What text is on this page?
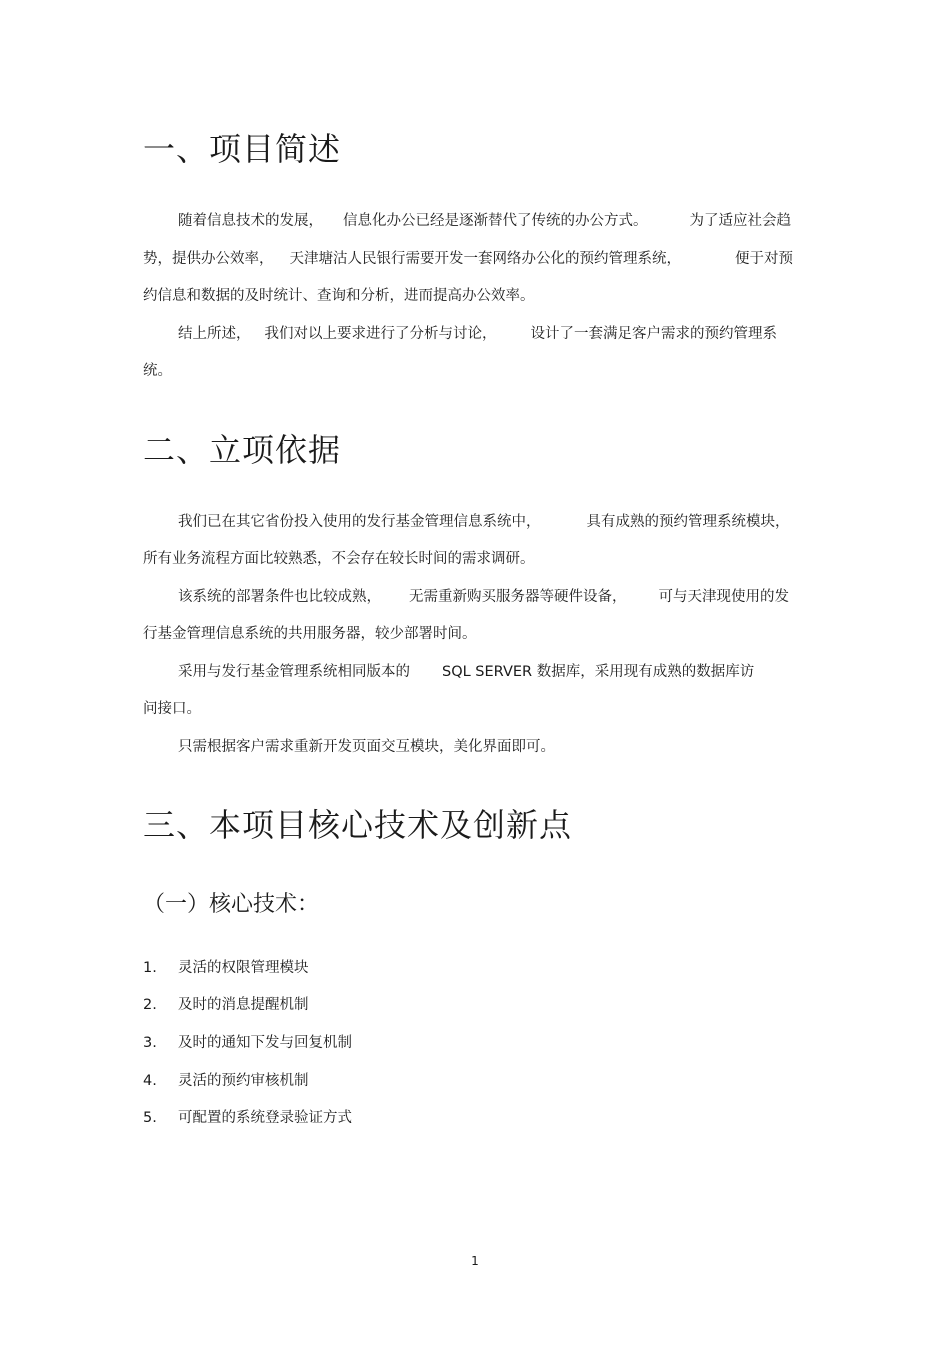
一、项目简述

随着信息技术的发展， 信息化办公已经是逐渐替代了传统的办公方式。	为了适应社会趋

势，提供办公效率， 天津塘沽人民银行需要开发一套网络办公化的预约管理系统，	便于对预

约信息和数据的及时统计、查询和分析，进而提高办公效率。

结上所述， 我们对以上要求进行了分析与讨论， 设计了一套满足客户需求的预约管理系

统。

二、立项依据

我们已在其它省份投入使用的发行基金管理信息系统中，	具有成熟的预约管理系统模块，

所有业务流程方面比较熟悉，不会存在较长时间的需求调研。

该系统的部署条件也比较成熟， 无需重新购买服务器等硬件设备， 可与天津现使用的发

行基金管理信息系统的共用服务器，较少部署时间。

采用与发行基金管理系统相同版本的 SQL SERVER 数据库，采用现有成熟的数据库访

问接口。

只需根据客户需求重新开发页面交互模块，美化界面即可。

三、本项目核心技术及创新点
（一）核心技术：
1. 灵活的权限管理模块
2. 及时的消息提醒机制
3. 及时的通知下发与回复机制
4. 灵活的预约审核机制
5. 可配置的系统登录验证方式
1
